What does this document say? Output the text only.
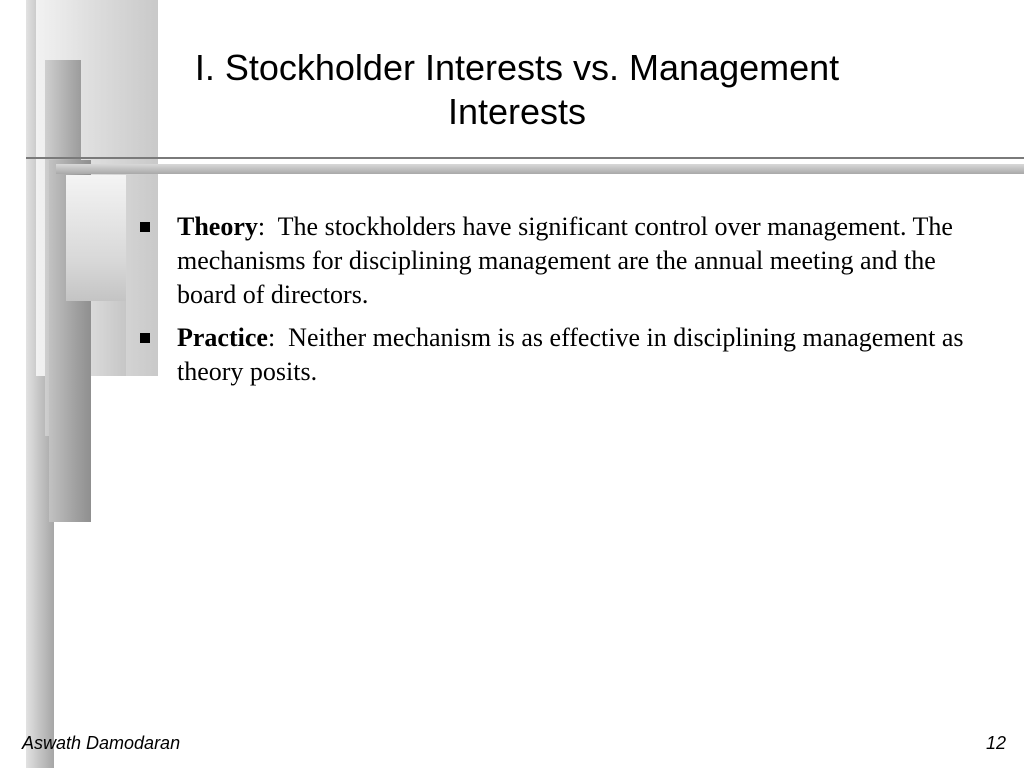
I. Stockholder Interests vs. Management Interests
Theory:  The stockholders have significant control over management. The mechanisms for disciplining management are the annual meeting and the board of directors.
Practice:  Neither mechanism is as effective in disciplining management as theory posits.
Aswath Damodaran	12
